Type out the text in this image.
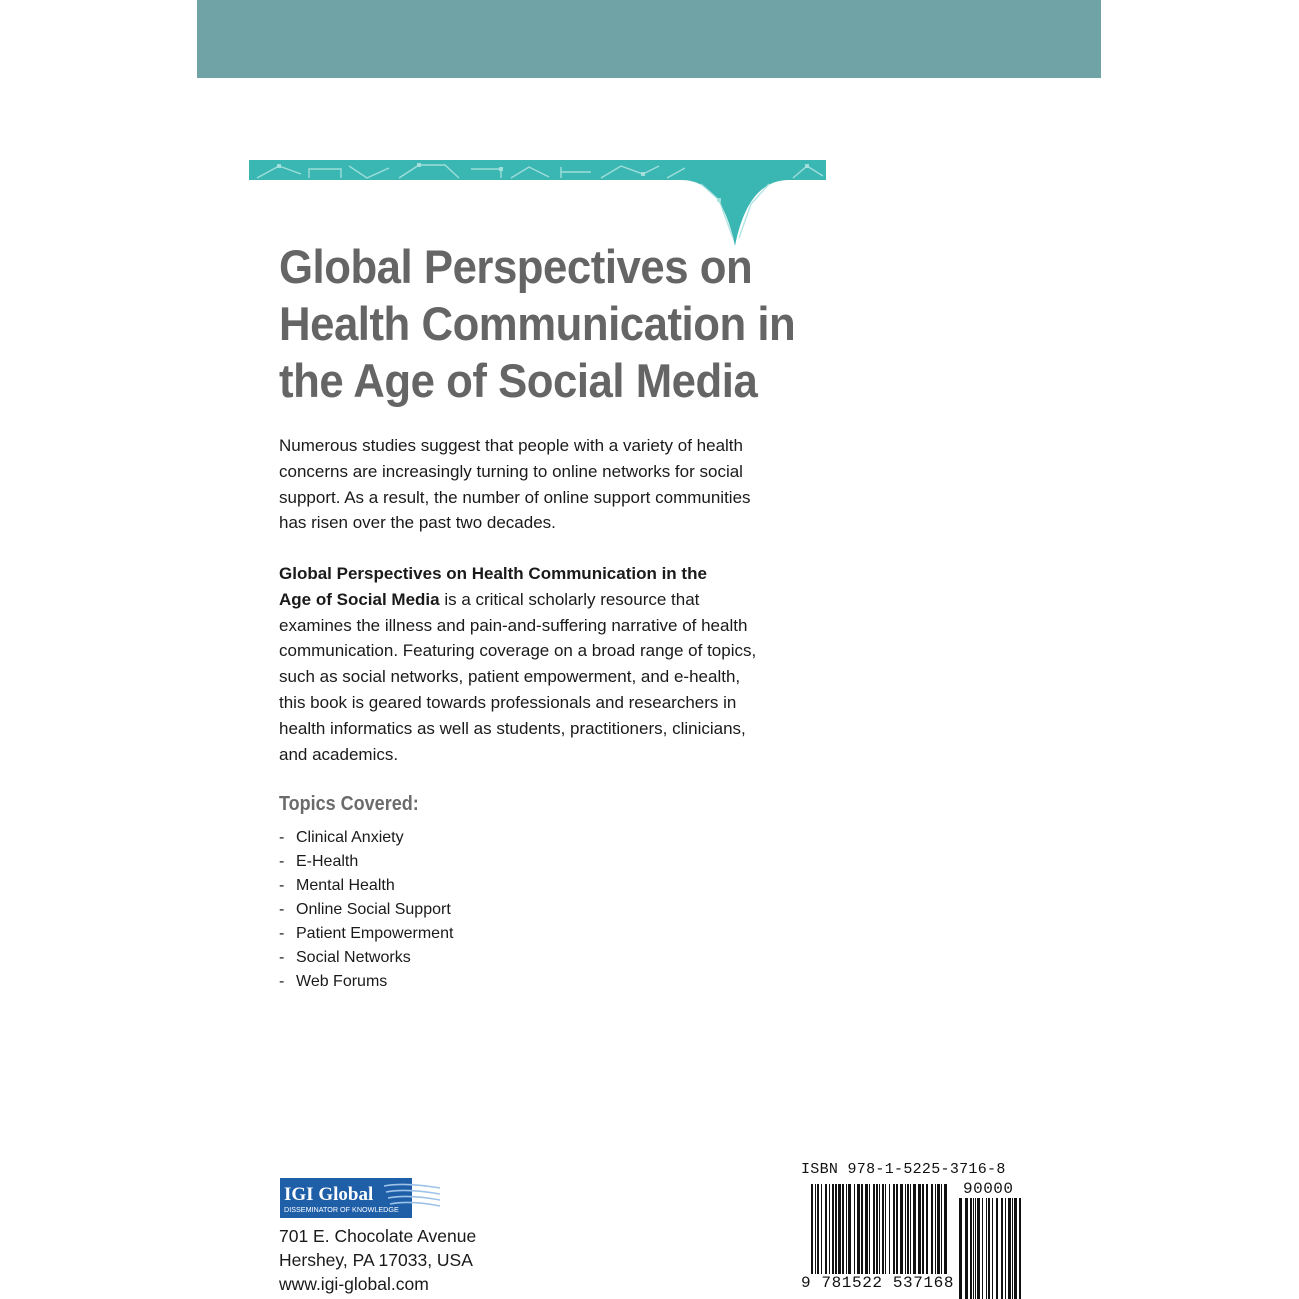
Global Perspectives on
Health Communication in
the Age of Social Media

Numerous studies suggest that people with a variety of health
concerns are increasingly turning to online networks for social
support. As a result, the number of online support communities
has risen over the past two decades.

Global Perspectives on Health Communication in the
Age of Social Media is a critical scholarly resource that
examines the illness and pain-and-suffering narrative of health
communication. Featuring coverage on a broad range of topics,
such as social networks, patient empowerment, and e-health,
this book is geared towards professionals and researchers in
health informatics as well as students, practitioners, clinicians,
and academics.

Topics Covered:
- Clinical Anxiety
- E-Health
- Mental Health
- Online Social Support
- Patient Empowerment
- Social Networks
- Web Forums
IGI Global
DISSEMINATOR OF KNOWLEDGE

701 E. Chocolate Avenue
Hershey, PA 17033, USA
www.igi-global.com

ISBN 978-1-5225-3716-8
90000
9 781522 537168
